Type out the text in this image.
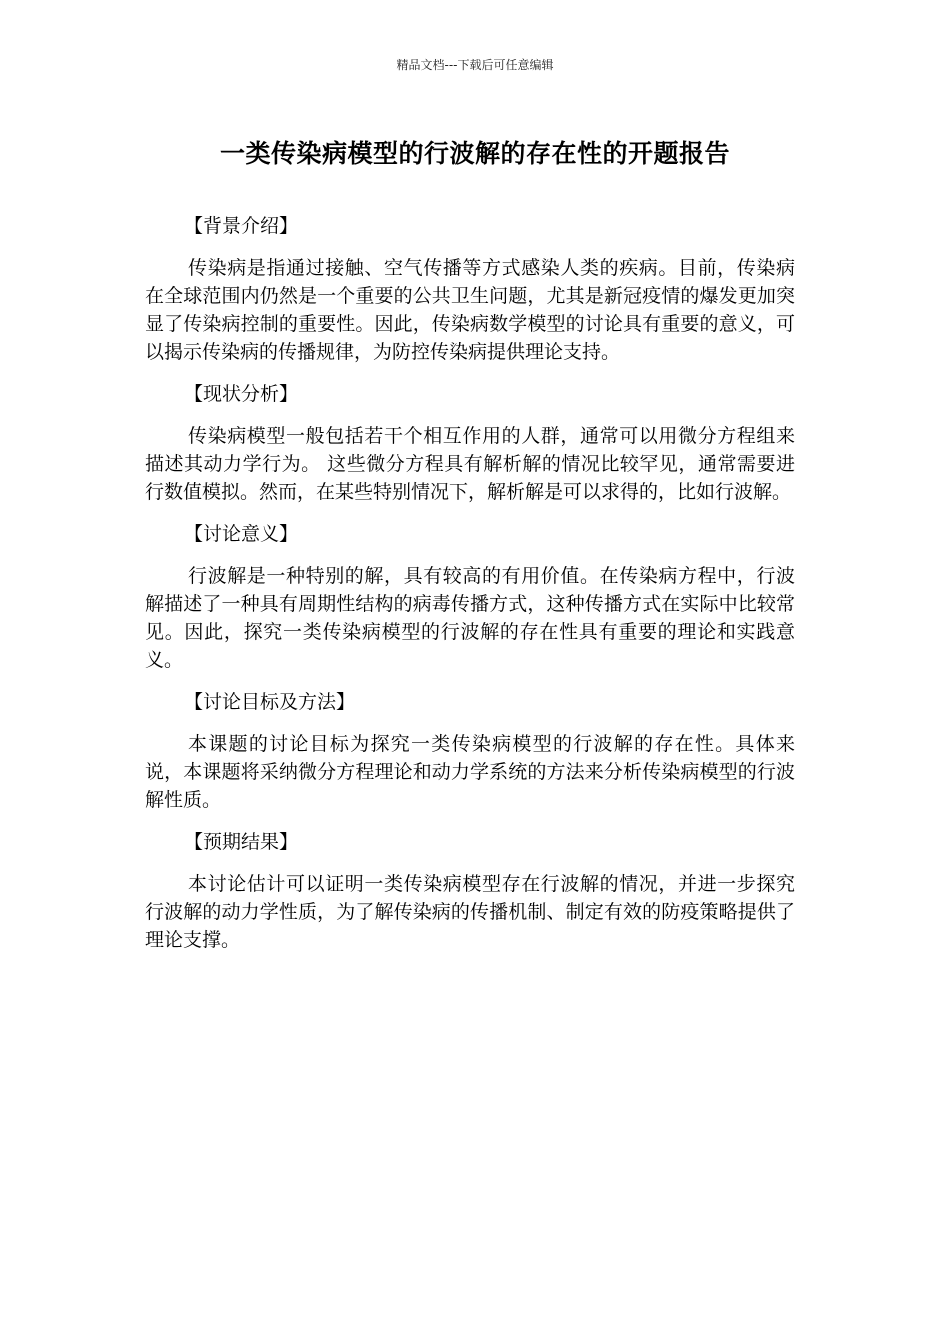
精品文档---下载后可任意编辑
一类传染病模型的行波解的存在性的开题报告

【背景介绍】

传染病是指通过接触、空气传播等方式感染人类的疾病。目前，传染病在全球范围内仍然是一个重要的公共卫生问题，尤其是新冠疫情的爆发更加突显了传染病控制的重要性。因此，传染病数学模型的讨论具有重要的意义，可以揭示传染病的传播规律，为防控传染病提供理论支持。

【现状分析】

传染病模型一般包括若干个相互作用的人群，通常可以用微分方程组来描述其动力学行为。 这些微分方程具有解析解的情况比较罕见，通常需要进行数值模拟。然而，在某些特别情况下，解析解是可以求得的，比如行波解。

【讨论意义】

行波解是一种特别的解，具有较高的有用价值。在传染病方程中，行波解描述了一种具有周期性结构的病毒传播方式，这种传播方式在实际中比较常见。因此，探究一类传染病模型的行波解的存在性具有重要的理论和实践意义。

【讨论目标及方法】

本课题的讨论目标为探究一类传染病模型的行波解的存在性。具体来说，本课题将采纳微分方程理论和动力学系统的方法来分析传染病模型的行波解性质。

【预期结果】

本讨论估计可以证明一类传染病模型存在行波解的情况，并进一步探究行波解的动力学性质，为了解传染病的传播机制、制定有效的防疫策略提供了理论支撑。
